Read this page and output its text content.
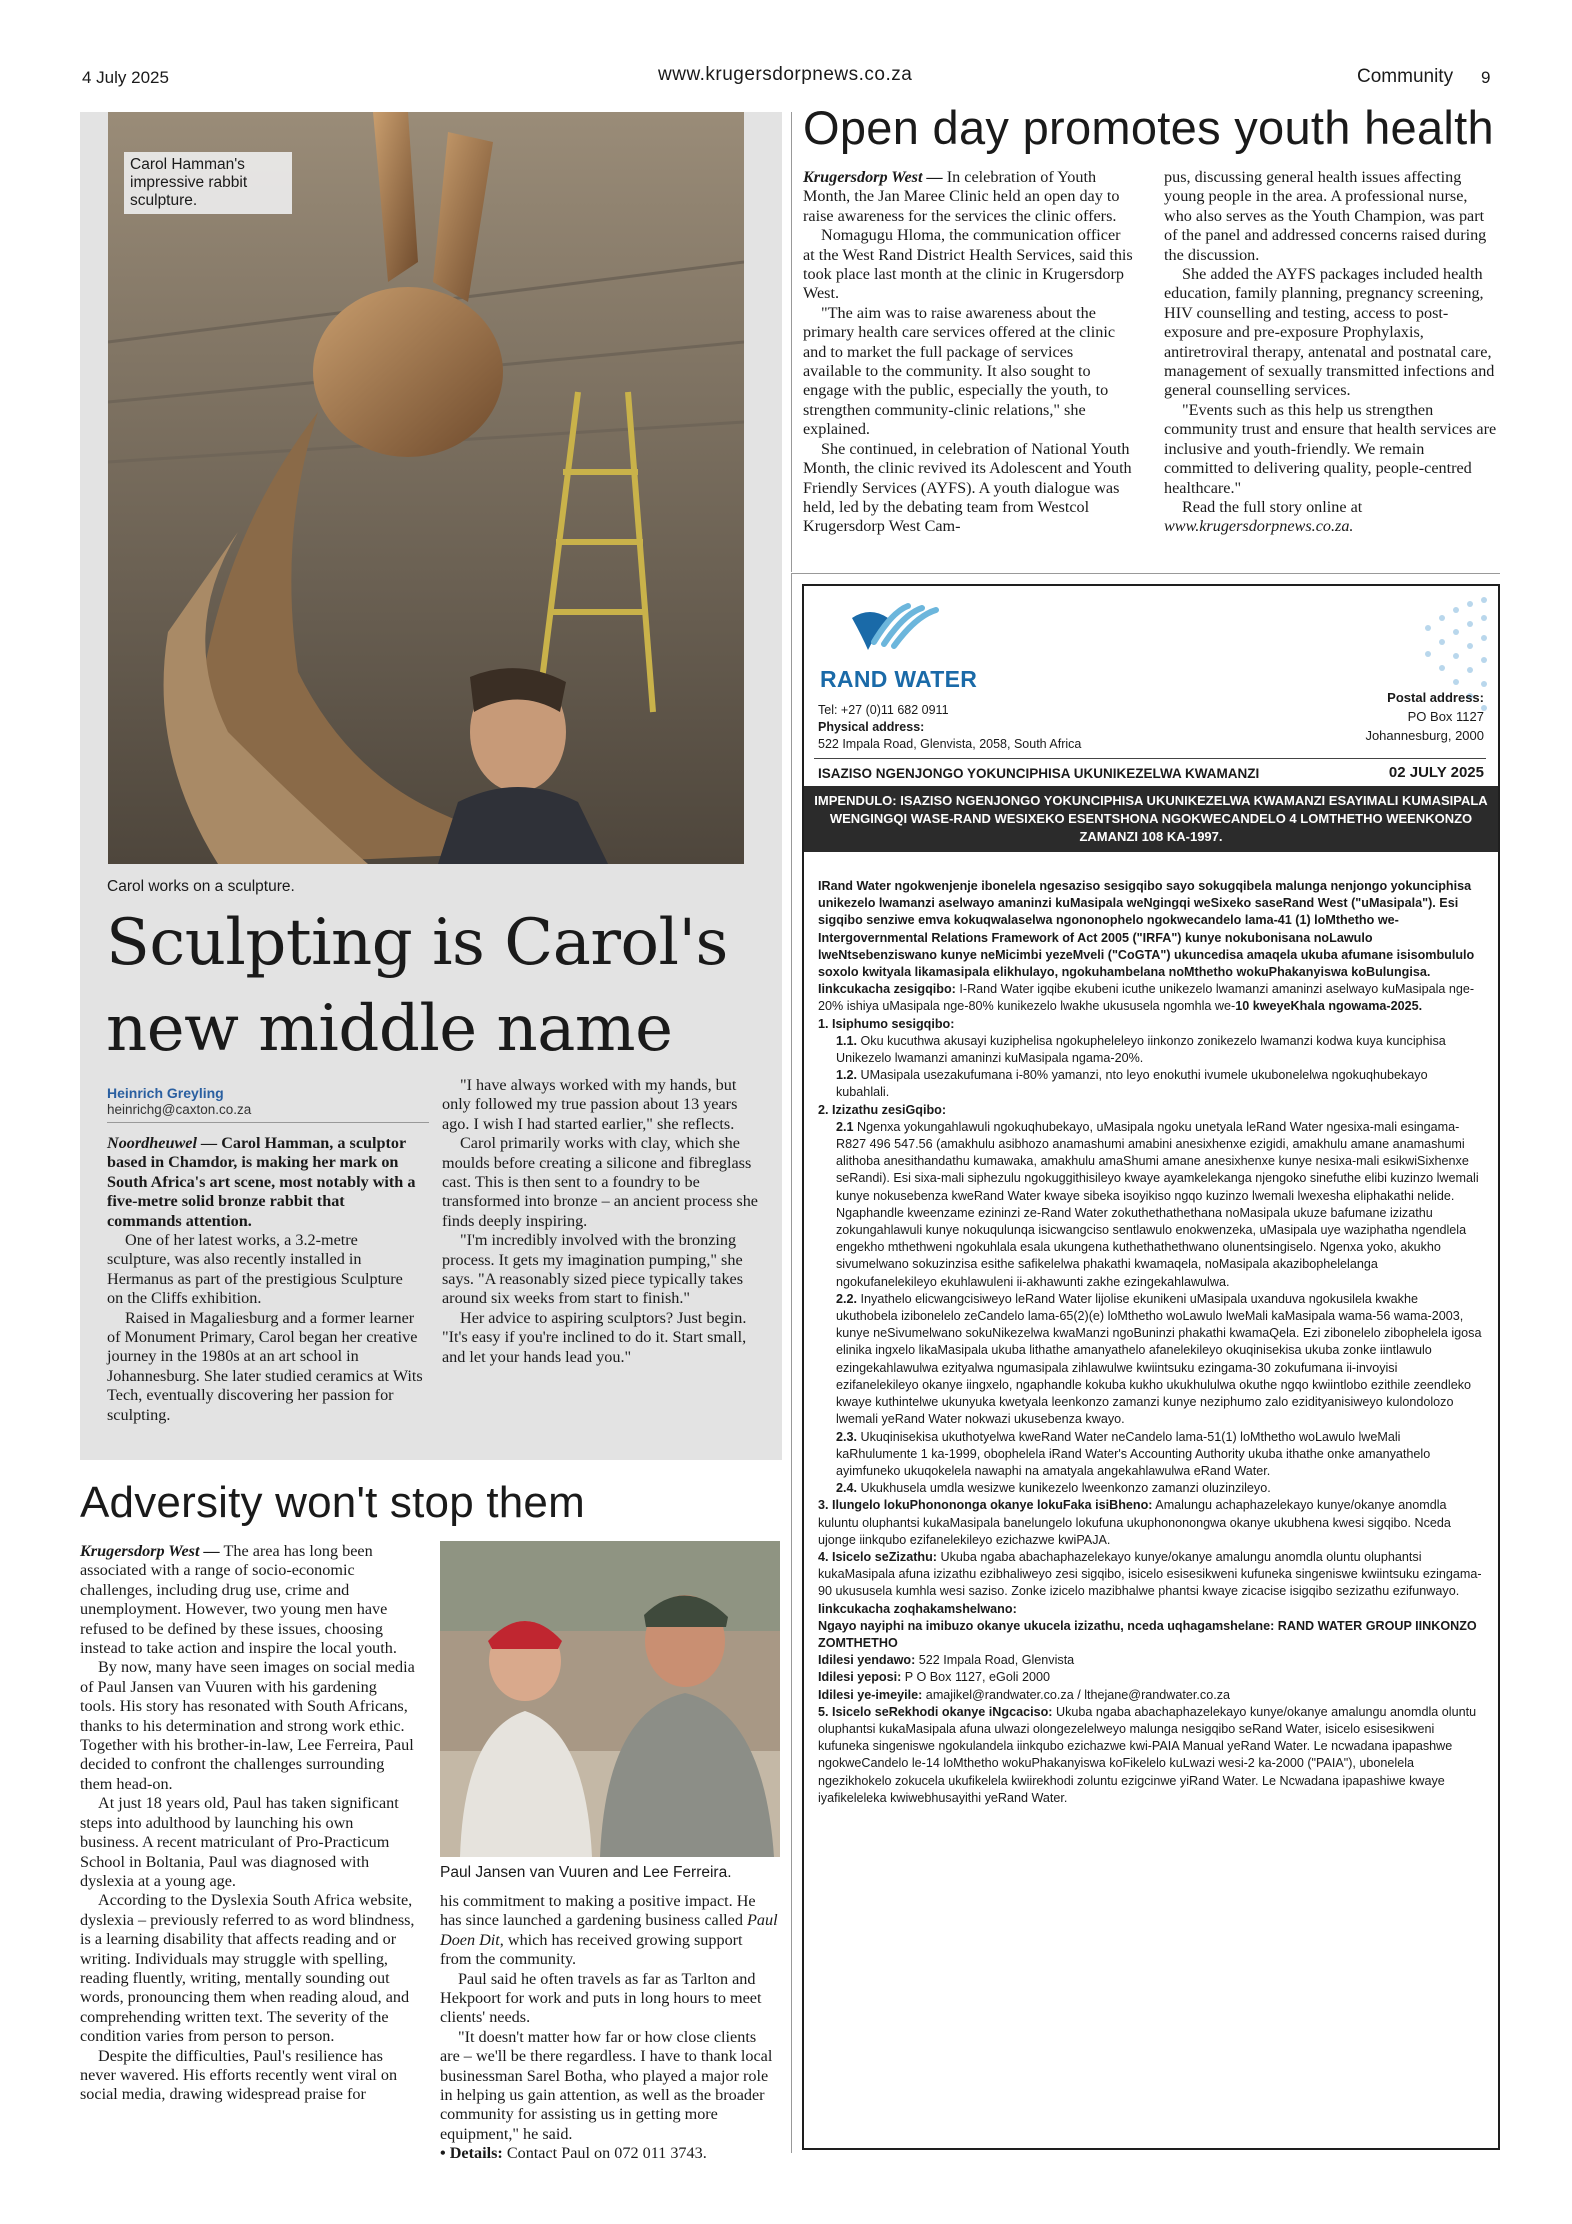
4 July 2025	www.krugersdorpnews.co.za	Community 9
Carol Hamman's impressive rabbit sculpture.
Carol works on a sculpture.
Sculpting is Carol's new middle name
Heinrich Greyling
heinrichg@caxton.co.za

Noordheuwel — Carol Hamman, a sculptor based in Chamdor, is making her mark on South Africa's art scene, most notably with a five-metre solid bronze rabbit that commands attention.

One of her latest works, a 3.2-metre sculpture, was also recently installed in Hermanus as part of the prestigious Sculpture on the Cliffs exhibition.

Raised in Magaliesburg and a former learner of Monument Primary, Carol began her creative journey in the 1980s at an art school in Johannesburg. She later studied ceramics at Wits Tech, eventually discovering her passion for sculpting.

"I have always worked with my hands, but only followed my true passion about 13 years ago. I wish I had started earlier," she reflects.

Carol primarily works with clay, which she moulds before creating a silicone and fibreglass cast. This is then sent to a foundry to be transformed into bronze – an ancient process she finds deeply inspiring.

"I'm incredibly involved with the bronzing process. It gets my imagination pumping," she says. "A reasonably sized piece typically takes around six weeks from start to finish."

Her advice to aspiring sculptors? Just begin. "It's easy if you're inclined to do it. Start small, and let your hands lead you."

Open day promotes youth health

Krugersdorp West — In celebration of Youth Month, the Jan Maree Clinic held an open day to raise awareness for the services the clinic offers.

Nomagugu Hloma, the communication officer at the West Rand District Health Services, said this took place last month at the clinic in Krugersdorp West.

"The aim was to raise awareness about the primary health care services offered at the clinic and to market the full package of services available to the community. It also sought to engage with the public, especially the youth, to strengthen community-clinic relations," she explained.

She continued, in celebration of National Youth Month, the clinic revived its Adolescent and Youth Friendly Services (AYFS). A youth dialogue was held, led by the debating team from Westcol Krugersdorp West Cam-

pus, discussing general health issues affecting young people in the area. A professional nurse, who also serves as the Youth Champion, was part of the panel and addressed concerns raised during the discussion.

She added the AYFS packages included health education, family planning, pregnancy screening, HIV counselling and testing, access to post-exposure and pre-exposure Prophylaxis, antiretroviral therapy, antenatal and postnatal care, management of sexually transmitted infections and general counselling services.

"Events such as this help us strengthen community trust and ensure that health services are inclusive and youth-friendly. We remain committed to delivering quality, people-centred healthcare."

Read the full story online at www.krugersdorpnews.co.za.

RAND WATER
Tel: +27 (0)11 682 0911
Physical address:
522 Impala Road, Glenvista, 2058, South Africa
Postal address:
PO Box 1127
Johannesburg, 2000
ISAZISO NGENJONGO YOKUNCIPHISA UKUNIKEZELWA KWAMANZI	02 JULY 2025
IMPENDULO: ISAZISO NGENJONGO YOKUNCIPHISA UKUNIKEZELWA KWAMANZI ESAYIMALI KUMASIPALA WENGINGQI WASE-RAND WESIXEKO ESENTSHONA NGOKWECANDELO 4 LOMTHETHO WEENKONZO ZAMANZI 108 KA-1997.

IRand Water ngokwenjenje ibonelela ngesaziso sesigqibo sayo sokugqibela malunga nenjongo yokunciphisa unikezelo lwamanzi aselwayo amaninzi kuMasipala weNgingqi weSixeko saseRand West ("uMasipala"). Esi sigqibo senziwe emva kokuqwalaselwa ngononophelo ngokwecandelo lama-41 (1) loMthetho we-Intergovernmental Relations Framework of Act 2005 ("IRFA") kunye nokubonisana noLawulo lweNtsebenziswano kunye neMicimbi yezeMveli ("CoGTA") ukuncedisa amaqela ukuba afumane isisombululo soxolo kwityala likamasipala elikhulayo, ngokuhambelana noMthetho wokuPhakanyiswa koBulungisa.

Iinkcukacha zesigqibo: I-Rand Water igqibe ekubeni icuthe unikezelo lwamanzi amaninzi aselwayo kuMasipala nge-20% ishiya uMasipala nge-80% kunikezelo lwakhe ukususela ngomhla we-10 kweyeKhala ngowama-2025.

1. Isiphumo sesigqibo:

1.1. Oku kucuthwa akusayi kuziphelisa ngokupheleleyo iinkonzo zonikezelo lwamanzi kodwa kuya kunciphisa Unikezelo lwamanzi amaninzi kuMasipala ngama-20%.

1.2. UMasipala usezakufumana i-80% yamanzi, nto leyo enokuthi ivumele ukubonelelwa ngokuqhubekayo kubahlali.

2. Izizathu zesiGqibo:

2.1 Ngenxa yokungahlawuli ngokuqhubekayo, uMasipala ngoku unetyala leRand Water ngesixa-mali esingama-R827 496 547.56 (amakhulu asibhozo anamashumi amabini anesixhenxe ezigidi, amakhulu amane anamashumi alithoba anesithandathu kumawaka, amakhulu amaShumi amane anesixhenxe kunye nesixa-mali esikwiSixhenxe seRandi). Esi sixa-mali siphezulu ngokuggithisileyo kwaye ayamkelekanga njengoko sinefuthe elibi kuzinzo lwemali kunye nokusebenza kweRand Water kwaye sibeka isoyikiso ngqo kuzinzo lwemali lwexesha eliphakathi nelide. Ngaphandle kweenzame ezininzi ze-Rand Water zokuthethathethana noMasipala ukuze bafumane izizathu zokungahlawuli kunye nokuqulunqa isicwangciso sentlawulo enokwenzeka, uMasipala uye waziphatha ngendlela engekho mthethweni ngokuhlala esala ukungena kuthethathethwano olunentsingiselo. Ngenxa yoko, akukho sivumelwano sokuzinzisa esithe safikelelwa phakathi kwamaqela, noMasipala akazibophelelanga ngokufanelekileyo ekuhlawuleni ii-akhawunti zakhe ezingekahlawulwa.

2.2. Inyathelo elicwangcisiweyo leRand Water lijolise ekunikeni uMasipala uxanduva ngokusilela kwakhe ukuthobela izibonelelo zeCandelo lama-65(2)(e) loMthetho woLawulo lweMali kaMasipala wama-56 wama-2003, kunye neSivumelwano sokuNikezelwa kwaManzi ngoBuninzi phakathi kwamaQela. Ezi zibonelelo zibophelela igosa elinika ingxelo likaMasipala ukuba lithathe amanyathelo afanelekileyo okuqinisekisa ukuba zonke iintlawulo ezingekahlawulwa ezityalwa ngumasipala zihlawulwe kwiintsuku ezingama-30 zokufumana ii-invoyisi ezifanelekileyo okanye iingxelo, ngaphandle kokuba kukho ukukhululwa okuthe ngqo kwiintlobo ezithile zeendleko kwaye kuthintelwe ukunyuka kwetyala leenkonzo zamanzi kunye neziphumo zalo ezidityanisiweyo kulondolozo lwemali yeRand Water nokwazi ukusebenza kwayo.

2.3. Ukuqinisekisa ukuthotyelwa kweRand Water neCandelo lama-51(1) loMthetho woLawulo lweMali kaRhulumente 1 ka-1999, obophelela iRand Water's Accounting Authority ukuba ithathe onke amanyathelo ayimfuneko ukuqokelela nawaphi na amatyala angekahlawulwa eRand Water.

2.4. Ukukhusela umdla wesizwe kunikezelo lweenkonzo zamanzi oluzinzileyo.

3. Ilungelo lokuPhononongа okanye lokuFaka isiBheno: Amalungu achaphazelekayo kunye/okanye anomdla kuluntu oluphantsi kukaMasipala banelungelo lokufuna ukuphononongwa okanye ukubhena kwesi sigqibo. Nceda ujonge iinkqubo ezifanelekileyo ezichazwe kwiPAJA.

4. Isicelo seZizathu: Ukuba ngaba abachaphazelekayo kunye/okanye amalungu anomdla oluntu oluphantsi kukaMasipala afuna izizathu ezibhaliweyo zesi sigqibo, isicelo esisesikweni kufuneka singeniswe kwiintsuku ezingama-90 ukususela kumhla wesi saziso. Zonke izicelo mazibhalwe phantsi kwaye zicacise isigqibo sezizathu ezifunwayo.

Iinkcukacha zoqhakamshelwano:

Ngayo nayiphi na imibuzo okanye ukucela izizathu, nceda uqhagamshelane: RAND WATER GROUP IINKONZO ZOMTHETHO

Idilesi yendawo: 522 Impala Road, Glenvista

Idilesi yeposi: P O Box 1127, eGoli 2000

Idilesi ye-imeyile: amajikel@randwater.co.za / lthejane@randwater.co.za

5. Isicelo seRekhodi okanye iNgcaciso: Ukuba ngaba abachaphazelekayo kunye/okanye amalungu anomdla oluntu oluphantsi kukaMasipala afuna ulwazi olongezelelweyo malunga nesigqibo seRand Water, isicelo esisesikweni kufuneka singeniswe ngokulandela iinkqubo ezichazwe kwi-PAIA Manual yeRand Water. Le ncwadana ipapashwe ngokweCandelo le-14 loMthetho wokuPhakanyiswa koFikelelo kuLwazi wesi-2 ka-2000 ("PAIA"), ubonelela ngezikhokelo zokucela ukufikelela kwiirekhodi zoluntu ezigcinwe yiRand Water. Le Ncwadana ipapashiwe kwaye iyafikeleleka kwiwebhusayithi yeRand Water.

Adversity won't stop them

Krugersdorp West — The area has long been associated with a range of socio-economic challenges, including drug use, crime and unemployment. However, two young men have refused to be defined by these issues, choosing instead to take action and inspire the local youth.

By now, many have seen images on social media of Paul Jansen van Vuuren with his gardening tools. His story has resonated with South Africans, thanks to his determination and strong work ethic. Together with his brother-in-law, Lee Ferreira, Paul decided to confront the challenges surrounding them head-on.

At just 18 years old, Paul has taken significant steps into adulthood by launching his own business. A recent matriculant of Pro-Practicum School in Boltania, Paul was diagnosed with dyslexia at a young age.

According to the Dyslexia South Africa website, dyslexia – previously referred to as word blindness, is a learning disability that affects reading and or writing. Individuals may struggle with spelling, reading fluently, writing, mentally sounding out words, pronouncing them when reading aloud, and comprehending written text. The severity of the condition varies from person to person.

Despite the difficulties, Paul's resilience has never wavered. His efforts recently went viral on social media, drawing widespread praise for

Paul Jansen van Vuuren and Lee Ferreira.

his commitment to making a positive impact. He has since launched a gardening business called Paul Doen Dit, which has received growing support from the community.

Paul said he often travels as far as Tarlton and Hekpoort for work and puts in long hours to meet clients' needs.

"It doesn't matter how far or how close clients are – we'll be there regardless. I have to thank local businessman Sarel Botha, who played a major role in helping us gain attention, as well as the broader community for assisting us in getting more equipment," he said.

• Details: Contact Paul on 072 011 3743.
